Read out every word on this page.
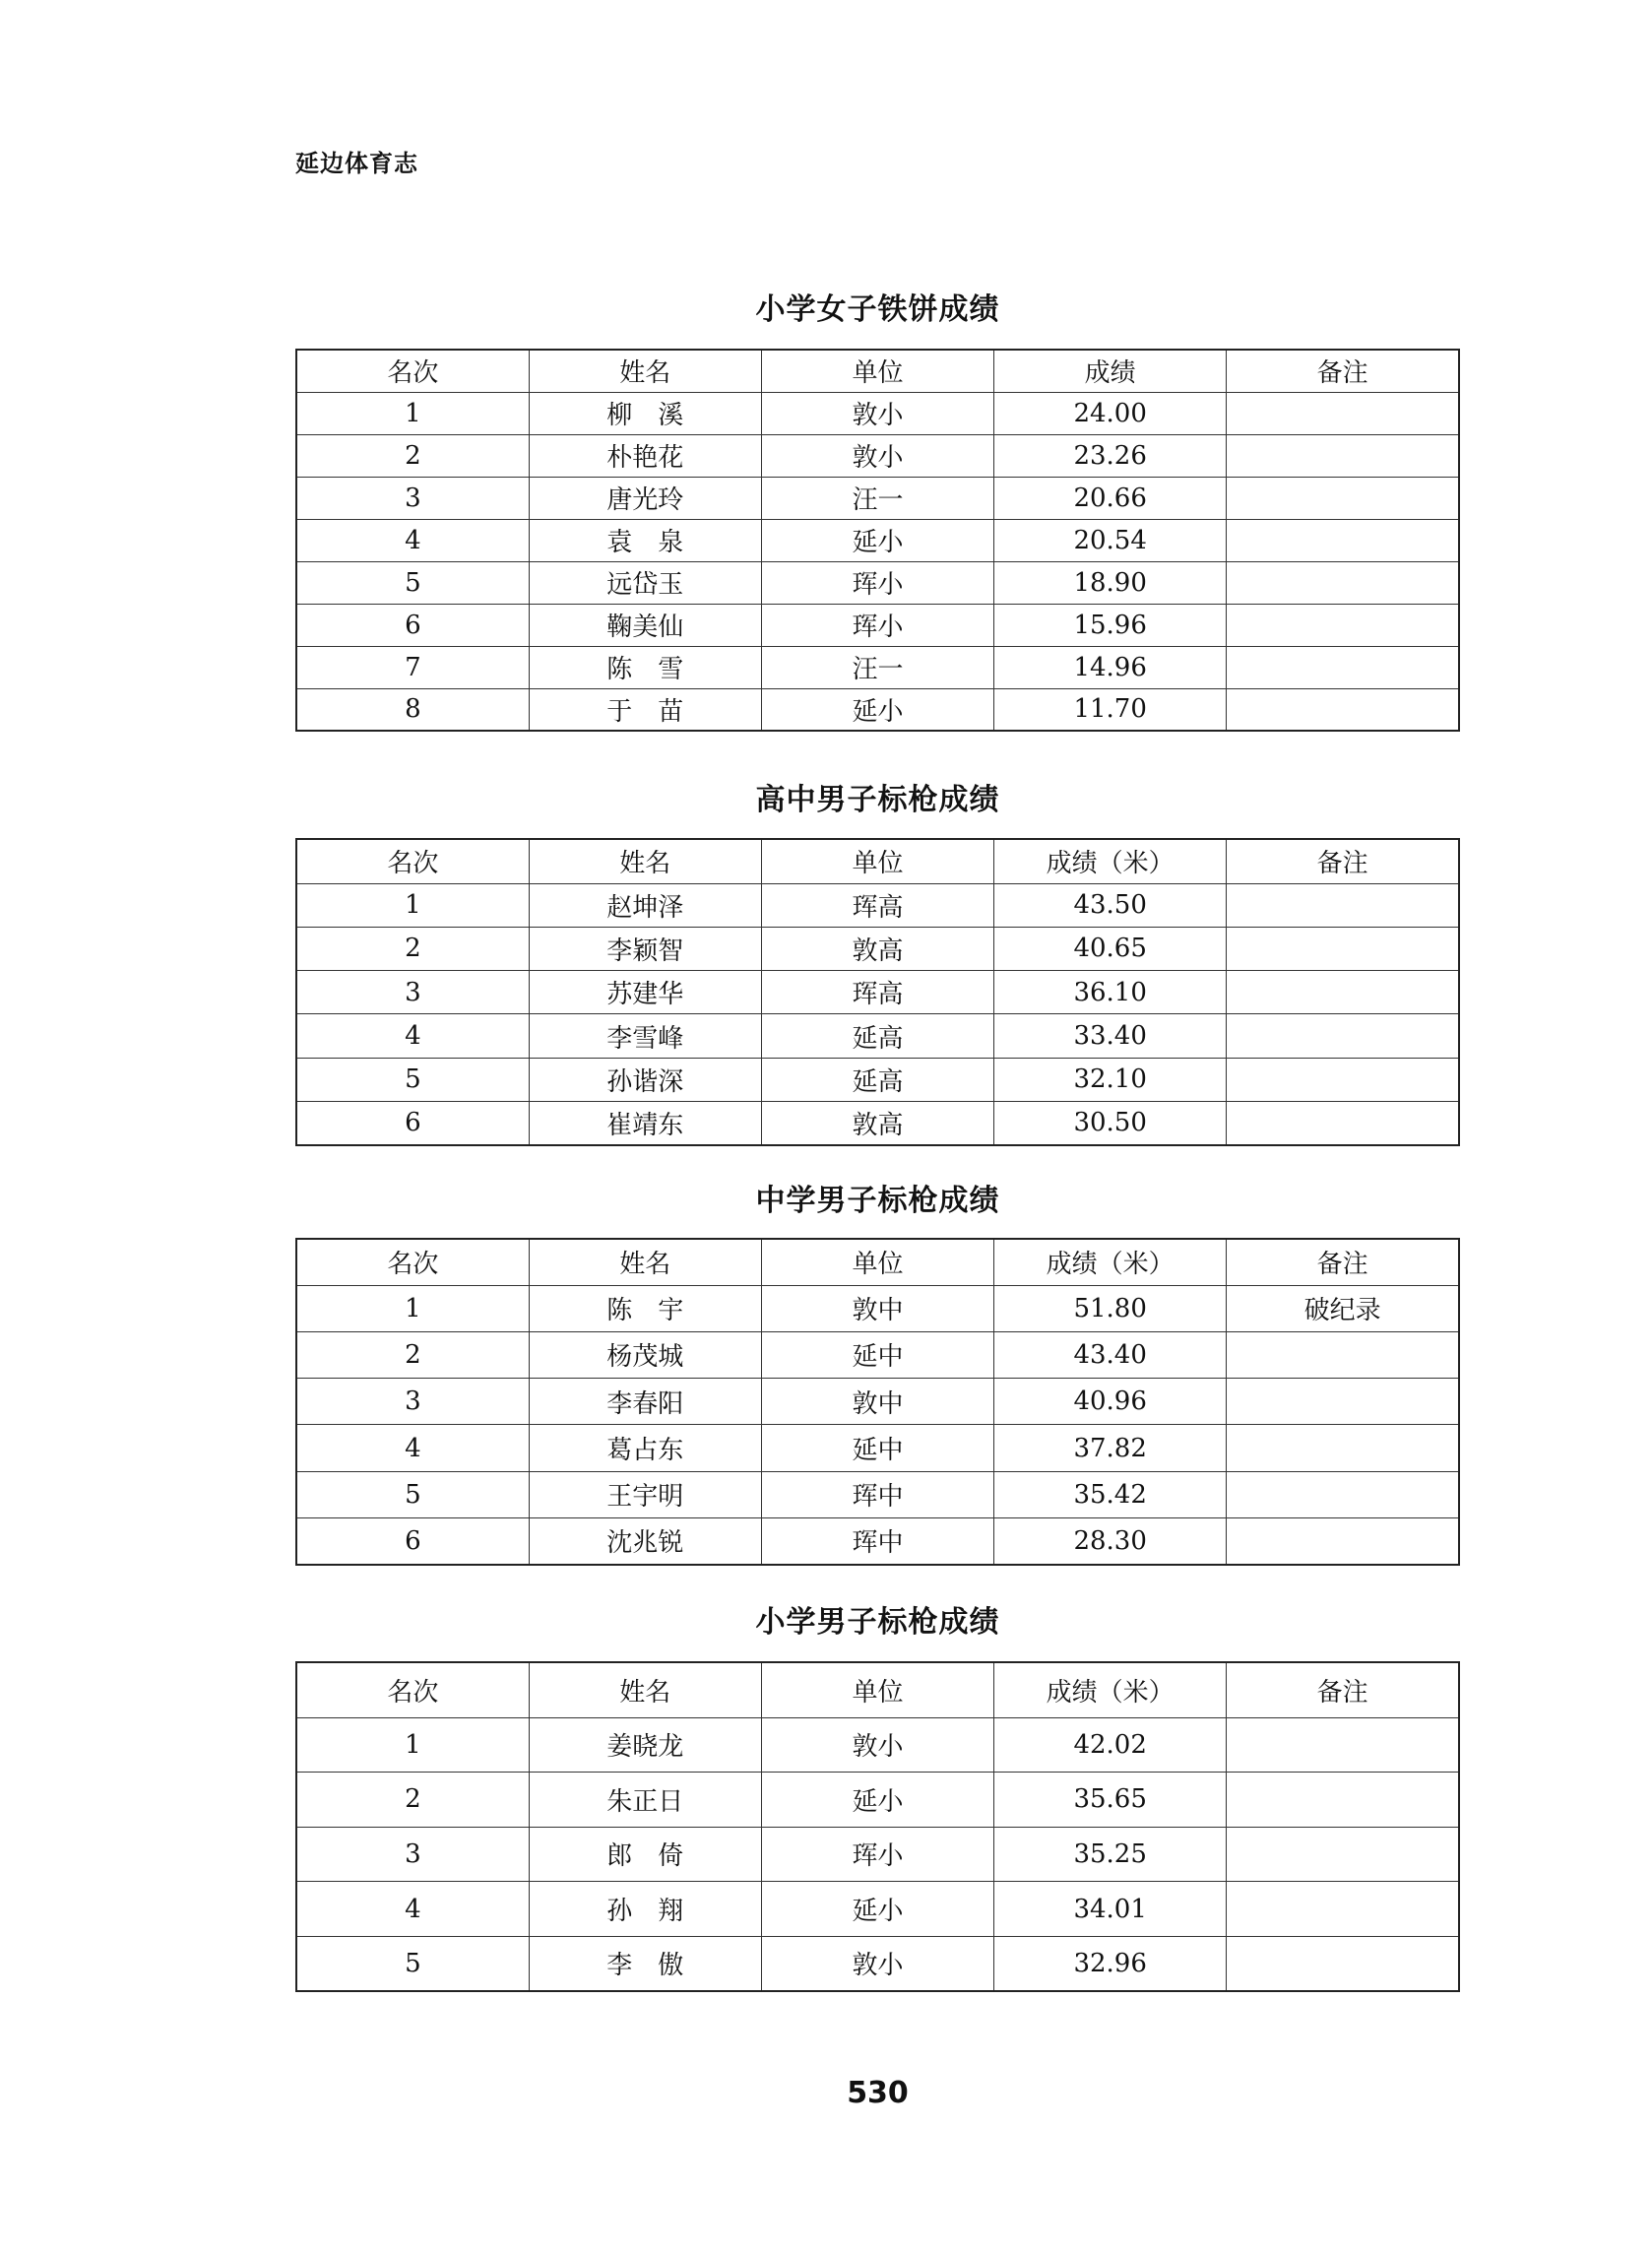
延边体育志
小学女子铁饼成绩
名次	姓名	单位	成绩	备注
1	柳　溪	敦小	24.00	
2	朴艳花	敦小	23.26	
3	唐光玲	汪一	20.66	
4	袁　泉	延小	20.54	
5	远岱玉	珲小	18.90	
6	鞠美仙	珲小	15.96	
7	陈　雪	汪一	14.96	
8	于　苗	延小	11.70	
高中男子标枪成绩
名次	姓名	单位	成绩（米）	备注
1	赵坤泽	珲高	43.50	
2	李颖智	敦高	40.65	
3	苏建华	珲高	36.10	
4	李雪峰	延高	33.40	
5	孙谐深	延高	32.10	
6	崔靖东	敦高	30.50	
中学男子标枪成绩
名次	姓名	单位	成绩（米）	备注
1	陈　宇	敦中	51.80	破纪录
2	杨茂城	延中	43.40	
3	李春阳	敦中	40.96	
4	葛占东	延中	37.82	
5	王宇明	珲中	35.42	
6	沈兆锐	珲中	28.30	
小学男子标枪成绩
名次	姓名	单位	成绩（米）	备注
1	姜晓龙	敦小	42.02	
2	朱正日	延小	35.65	
3	郎　倚	珲小	35.25	
4	孙　翔	延小	34.01	
5	李　傲	敦小	32.96	
530
